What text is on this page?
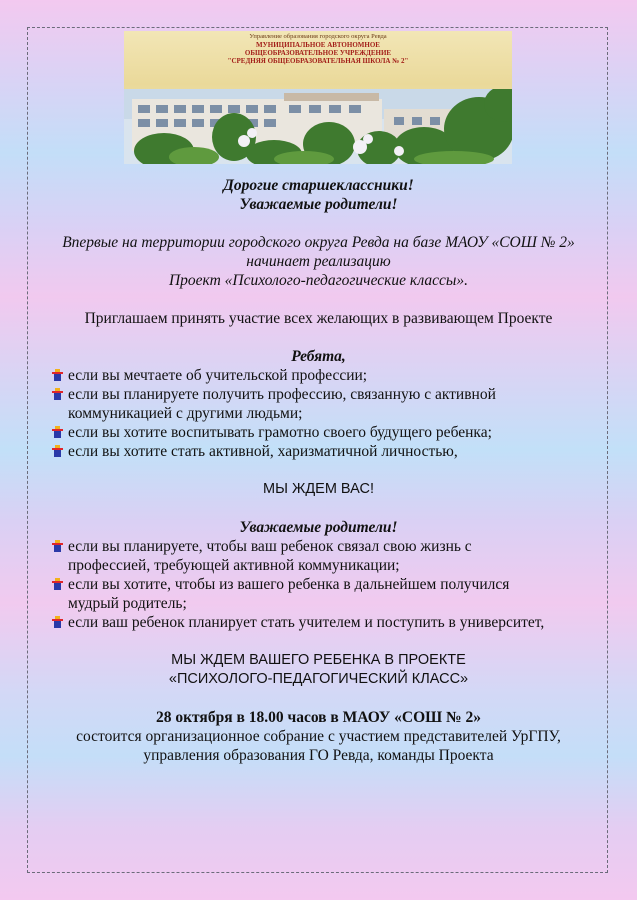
Управление образования городского округа Ревда
МУНИЦИПАЛЬНОЕ АВТОНОМНОЕ
ОБЩЕОБРАЗОВАТЕЛЬНОЕ УЧРЕЖДЕНИЕ
"СРЕДНЯЯ ОБЩЕОБРАЗОВАТЕЛЬНАЯ ШКОЛА № 2"
Дорогие старшеклассники!
Уважаемые родители!
Впервые на территории городского округа Ревда на базе МАОУ «СОШ № 2»
начинает реализацию
Проект «Психолого-педагогические классы».
Приглашаем принять участие всех желающих в развивающем Проекте
Ребята,
если вы мечтаете об учительской профессии;
если вы планируете получить профессию, связанную с активной
коммуникацией с другими людьми;
если вы хотите воспитывать грамотно своего будущего ребенка;
если вы хотите стать активной, харизматичной личностью,
МЫ ЖДЕМ ВАС!
Уважаемые родители!
если вы планируете, чтобы ваш ребенок связал свою жизнь с
профессией, требующей активной коммуникации;
если вы хотите, чтобы из вашего ребенка в дальнейшем получился
мудрый родитель;
если ваш ребенок планирует стать учителем и поступить в университет,
МЫ ЖДЕМ ВАШЕГО РЕБЕНКА В ПРОЕКТЕ
«ПСИХОЛОГО-ПЕДАГОГИЧЕСКИЙ КЛАСС»
28 октября в 18.00 часов в МАОУ «СОШ № 2»
состоится организационное собрание с участием представителей УрГПУ,
управления образования ГО Ревда, команды Проекта
